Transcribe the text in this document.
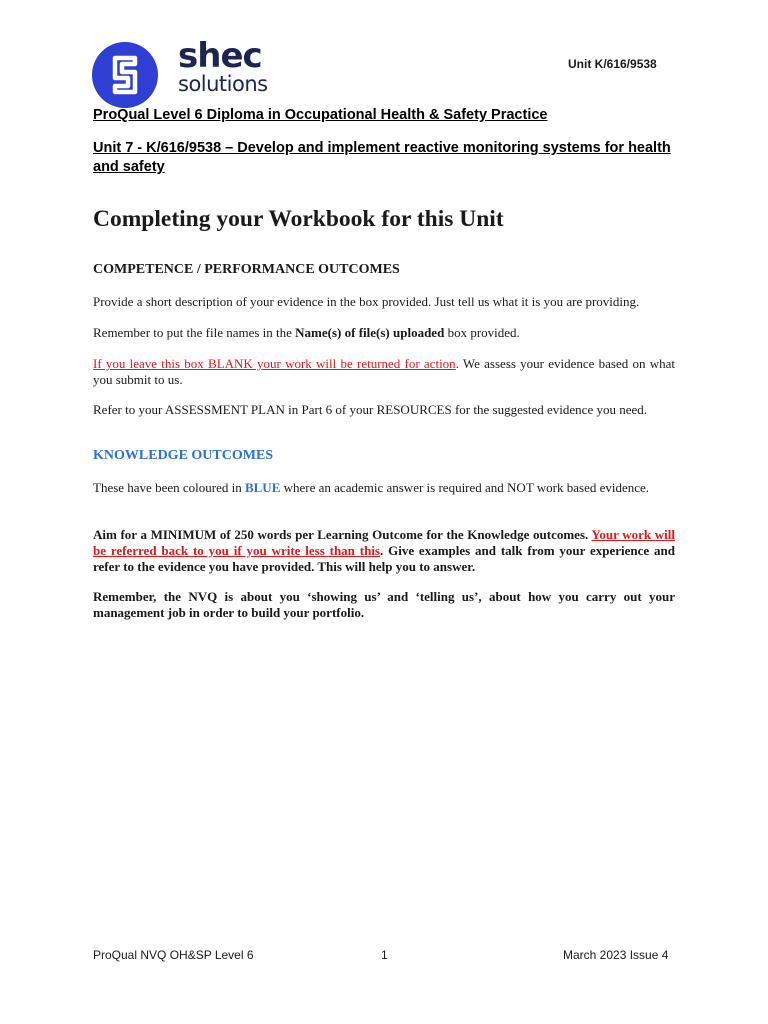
shec
solutions
Unit K/616/9538
ProQual Level 6 Diploma in Occupational Health & Safety Practice
Unit 7 - K/616/9538 – Develop and implement reactive monitoring systems for health and safety
Completing your Workbook for this Unit
COMPETENCE / PERFORMANCE OUTCOMES
Provide a short description of your evidence in the box provided. Just tell us what it is you are providing.
Remember to put the file names in the Name(s) of file(s) uploaded box provided.
If you leave this box BLANK your work will be returned for action. We assess your evidence based on what you submit to us.
Refer to your ASSESSMENT PLAN in Part 6 of your RESOURCES for the suggested evidence you need.
KNOWLEDGE OUTCOMES
These have been coloured in BLUE where an academic answer is required and NOT work based evidence.
Aim for a MINIMUM of 250 words per Learning Outcome for the Knowledge outcomes. Your work will be referred back to you if you write less than this. Give examples and talk from your experience and refer to the evidence you have provided. This will help you to answer.
Remember, the NVQ is about you ‘showing us’ and ‘telling us’, about how you carry out your management job in order to build your portfolio.
ProQual NVQ OH&SP Level 6	1	March 2023 Issue 4
